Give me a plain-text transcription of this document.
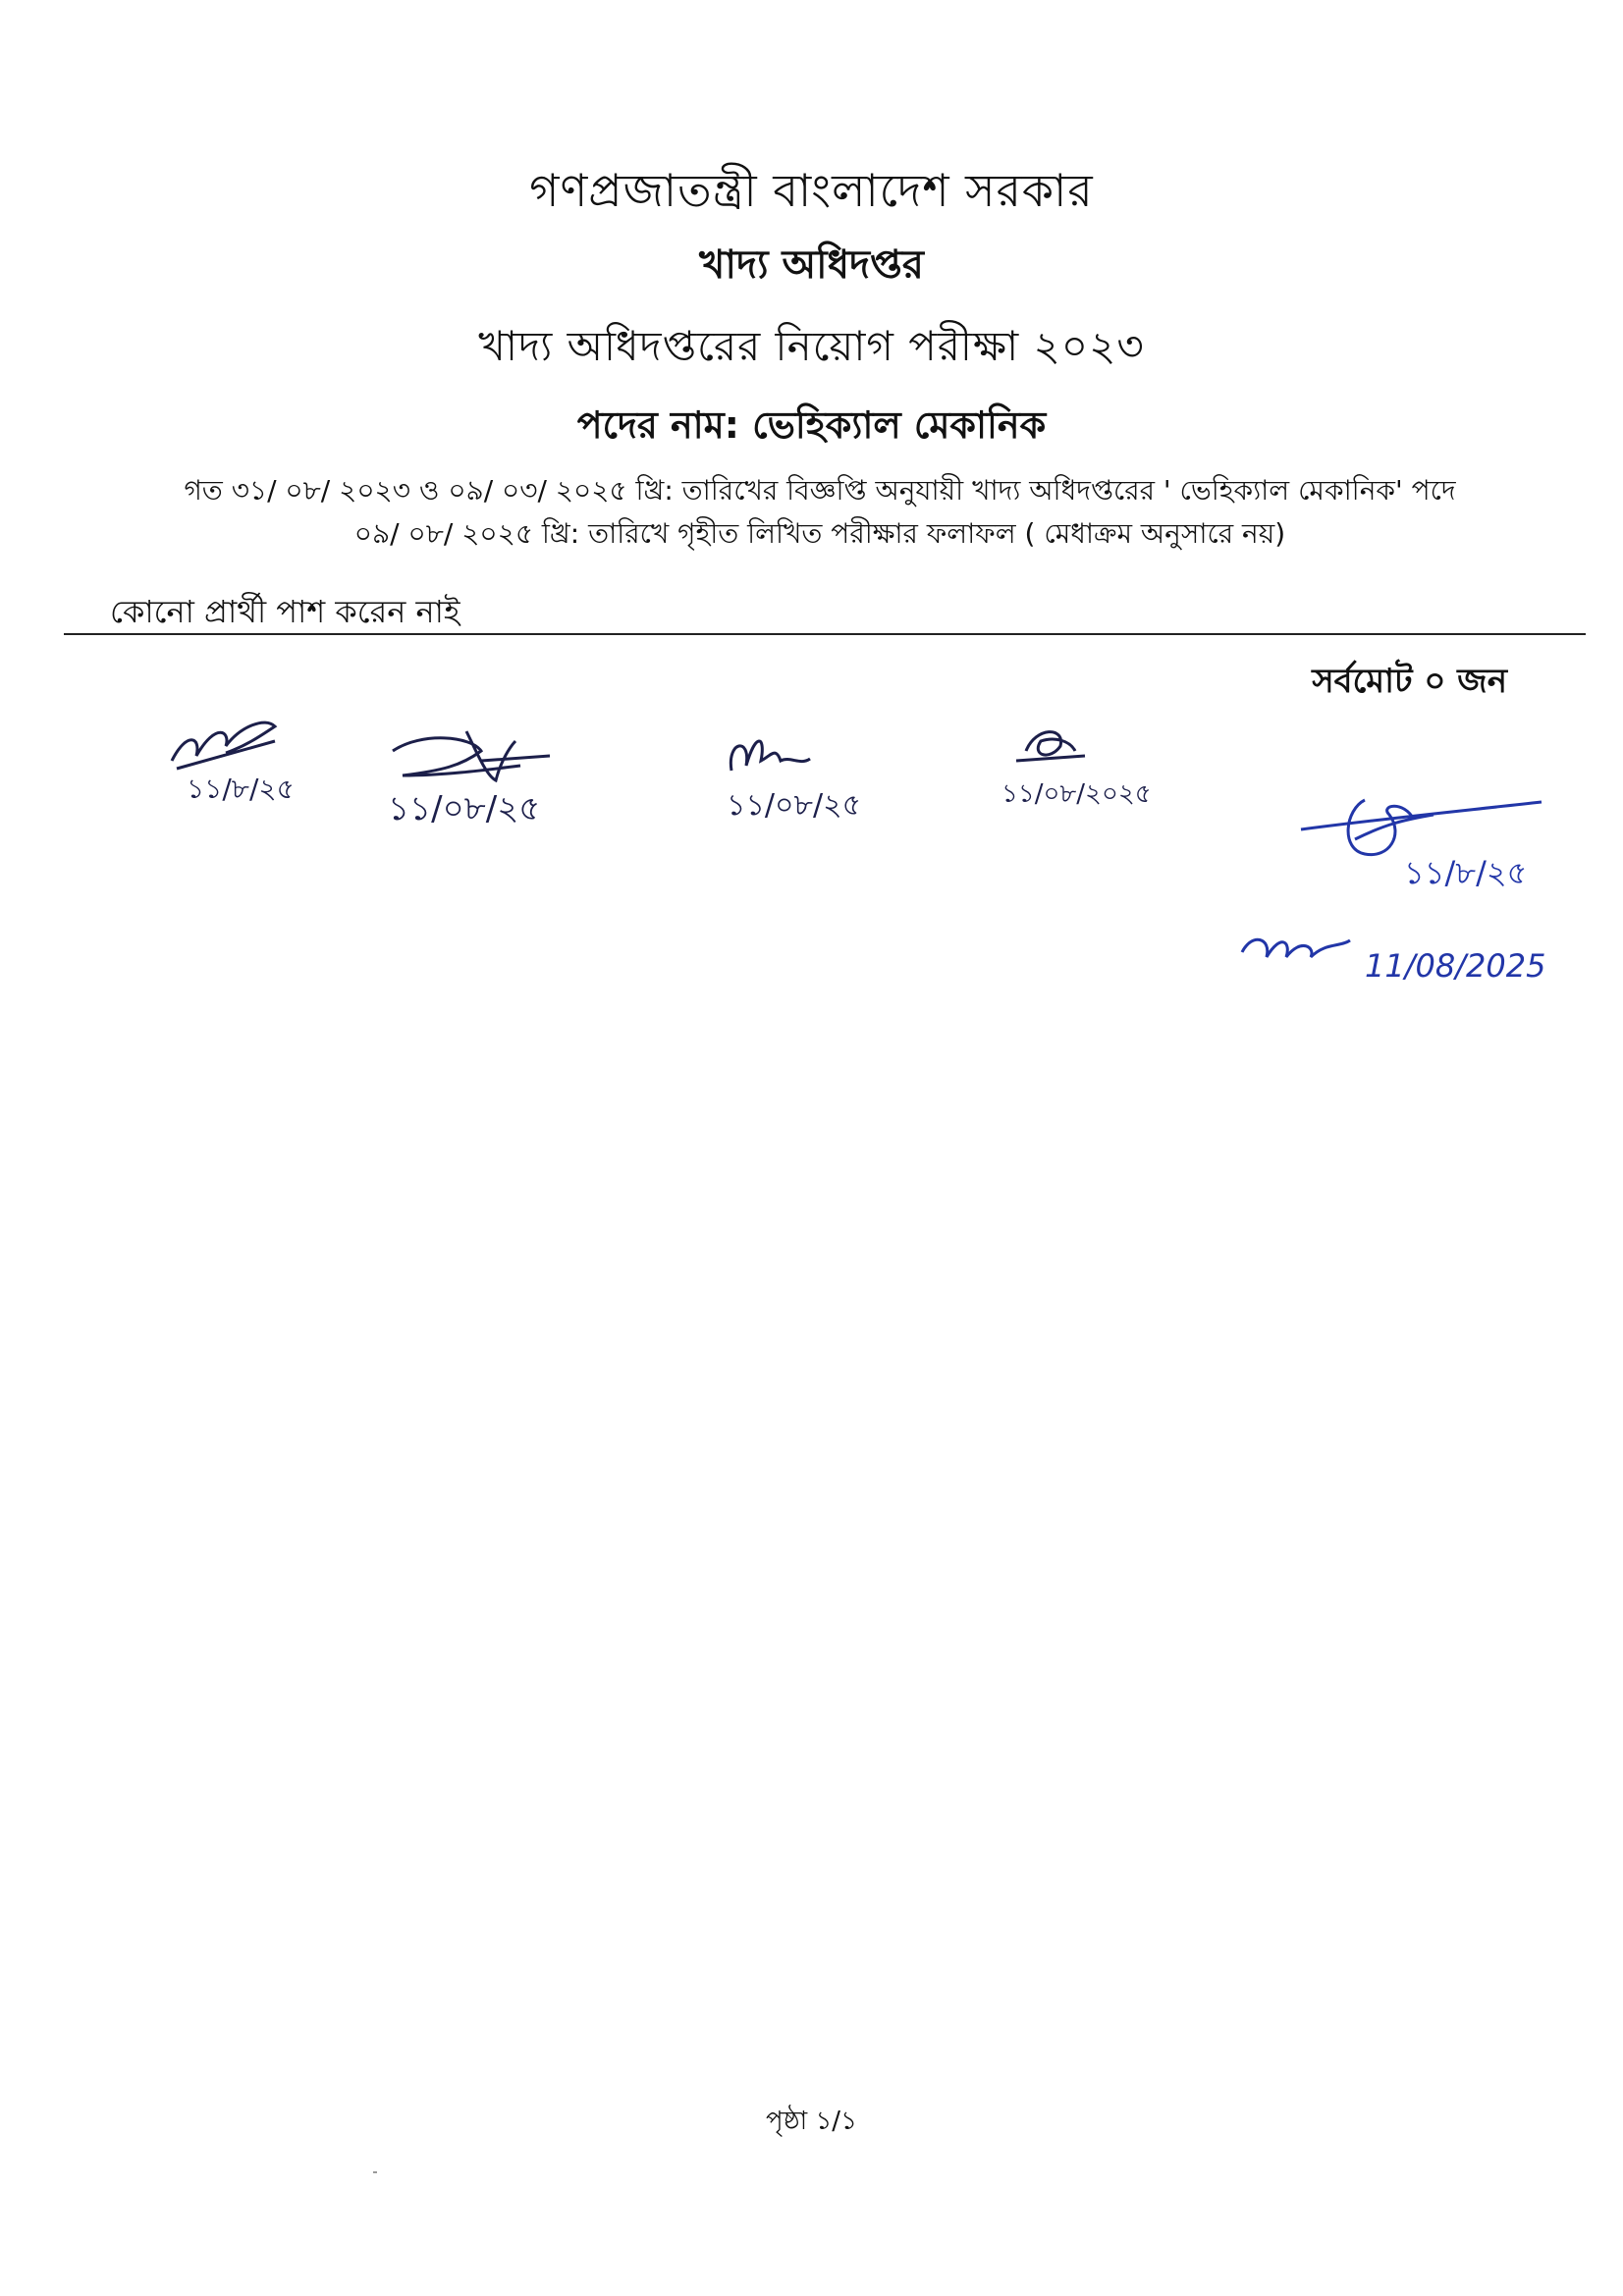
গণপ্রজাতন্ত্রী বাংলাদেশ সরকার
খাদ্য অধিদপ্তর
খাদ্য অধিদপ্তরের নিয়োগ পরীক্ষা ২০২৩
পদের নাম: ভেহিক্যাল মেকানিক

গত ৩১/ ০৮/ ২০২৩ ও ০৯/ ০৩/ ২০২৫ খ্রি: তারিখের বিজ্ঞপ্তি অনুযায়ী খাদ্য অধিদপ্তরের ' ভেহিক্যাল মেকানিক' পদে

০৯/ ০৮/ ২০২৫ খ্রি: তারিখে গৃহীত লিখিত পরীক্ষার ফলাফল ( মেধাক্রম অনুসারে নয়)

কোনো প্রার্থী পাশ করেন নাই
সর্বমোট ০ জন
১১/৮/২৫
১১/০৮/২৫	১১/০৮/২৫	১১/০৮/২০২৫
১১/৮/২৫
11/08/2025
পৃষ্ঠা ১/১
